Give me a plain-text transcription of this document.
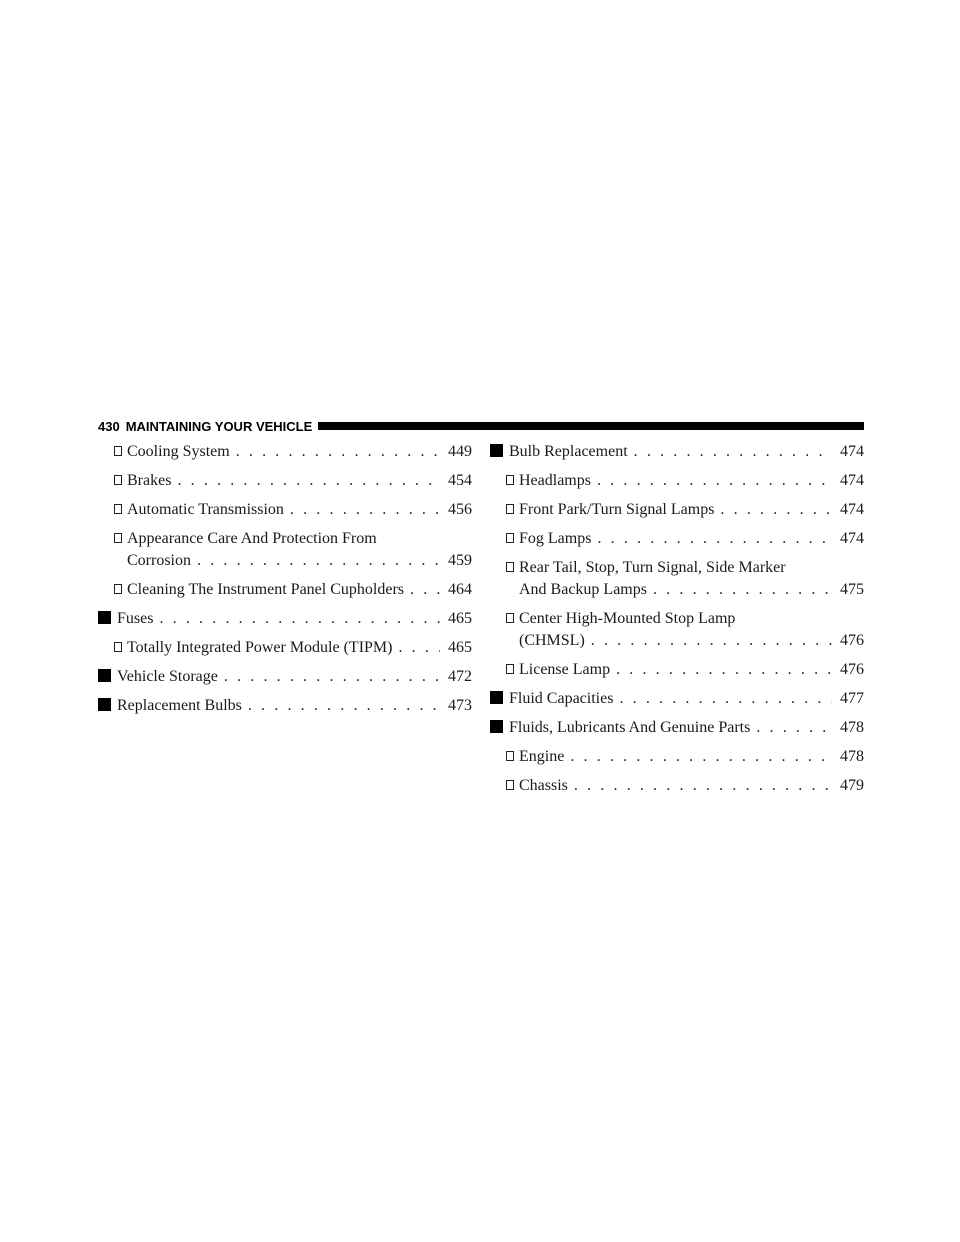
430 MAINTAINING YOUR VEHICLE
Cooling System . . .	449
Brakes . . .	454
Automatic Transmission . . .	456
Appearance Care And Protection From
Corrosion . . .	459
Cleaning The Instrument Panel Cupholders . . .	464
Fuses . . .	465
Totally Integrated Power Module (TIPM) . . .	465
Vehicle Storage . . .	472
Replacement Bulbs . . .	473
Bulb Replacement . . .	474
Headlamps . . .	474
Front Park/Turn Signal Lamps . . .	474
Fog Lamps . . .	474
Rear Tail, Stop, Turn Signal, Side Marker
And Backup Lamps . . .	475
Center High-Mounted Stop Lamp
(CHMSL) . . .	476
License Lamp . . .	476
Fluid Capacities . . .	477
Fluids, Lubricants And Genuine Parts . . .	478
Engine . . .	478
Chassis . . .	479
